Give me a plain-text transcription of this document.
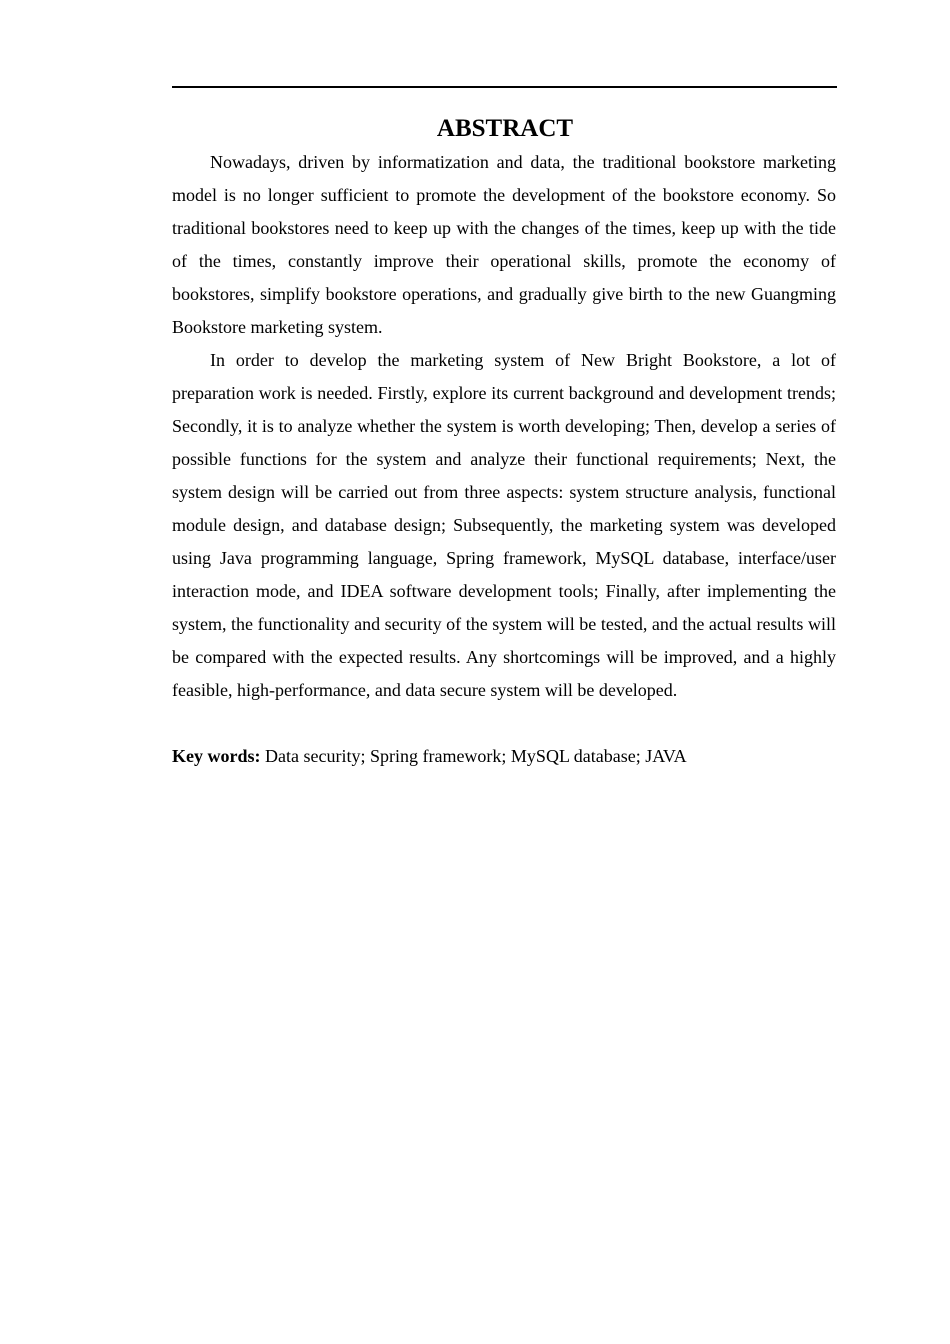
ABSTRACT

Nowadays, driven by informatization and data, the traditional bookstore marketing model is no longer sufficient to promote the development of the bookstore economy. So traditional bookstores need to keep up with the changes of the times, keep up with the tide of the times, constantly improve their operational skills, promote the economy of bookstores, simplify bookstore operations, and gradually give birth to the new Guangming Bookstore marketing system.

In order to develop the marketing system of New Bright Bookstore, a lot of preparation work is needed. Firstly, explore its current background and development trends; Secondly, it is to analyze whether the system is worth developing; Then, develop a series of possible functions for the system and analyze their functional requirements; Next, the system design will be carried out from three aspects: system structure analysis, functional module design, and database design; Subsequently, the marketing system was developed using Java programming language, Spring framework, MySQL database, interface/user interaction mode, and IDEA software development tools; Finally, after implementing the system, the functionality and security of the system will be tested, and the actual results will be compared with the expected results. Any shortcomings will be improved, and a highly feasible, high-performance, and data secure system will be developed.

Key words: Data security; Spring framework; MySQL database; JAVA
